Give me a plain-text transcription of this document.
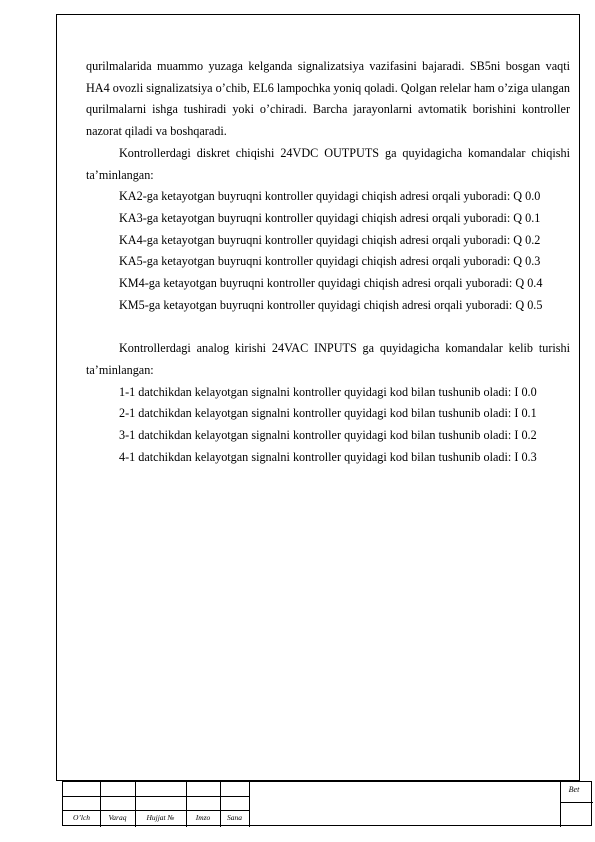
qurilmalarida muammo yuzaga kelganda signalizatsiya vazifasini bajaradi. SB5ni bosgan vaqti HA4 ovozli signalizatsiya o’chib, EL6 lampochka yoniq qoladi. Qolgan relelar ham o’ziga ulangan qurilmalarni ishga tushiradi yoki o’chiradi. Barcha jarayonlarni avtomatik borishini kontroller nazorat qiladi va boshqaradi.

Kontrollerdagi diskret chiqishi 24VDC OUTPUTS ga quyidagicha komandalar chiqishi ta’minlangan:

KA2-ga ketayotgan buyruqni kontroller quyidagi chiqish adresi orqali yuboradi: Q 0.0

KA3-ga ketayotgan buyruqni kontroller quyidagi chiqish adresi orqali yuboradi: Q 0.1

KA4-ga ketayotgan buyruqni kontroller quyidagi chiqish adresi orqali yuboradi: Q 0.2

KA5-ga ketayotgan buyruqni kontroller quyidagi chiqish adresi orqali yuboradi: Q 0.3

KM4-ga ketayotgan buyruqni kontroller quyidagi chiqish adresi orqali yuboradi: Q 0.4

KM5-ga ketayotgan buyruqni kontroller quyidagi chiqish adresi orqali yuboradi: Q 0.5

Kontrollerdagi analog kirishi 24VAC INPUTS ga quyidagicha komandalar kelib turishi ta’minlangan:

1-1 datchikdan kelayotgan signalni kontroller quyidagi kod bilan tushunib oladi: I 0.0

2-1 datchikdan kelayotgan signalni kontroller quyidagi kod bilan tushunib oladi: I 0.1

3-1 datchikdan kelayotgan signalni kontroller quyidagi kod bilan tushunib oladi: I 0.2

4-1 datchikdan kelayotgan signalni kontroller quyidagi kod bilan tushunib oladi: I 0.3

O’lch	Varaq	Hujjat №	Imzo	Sana
Bet
